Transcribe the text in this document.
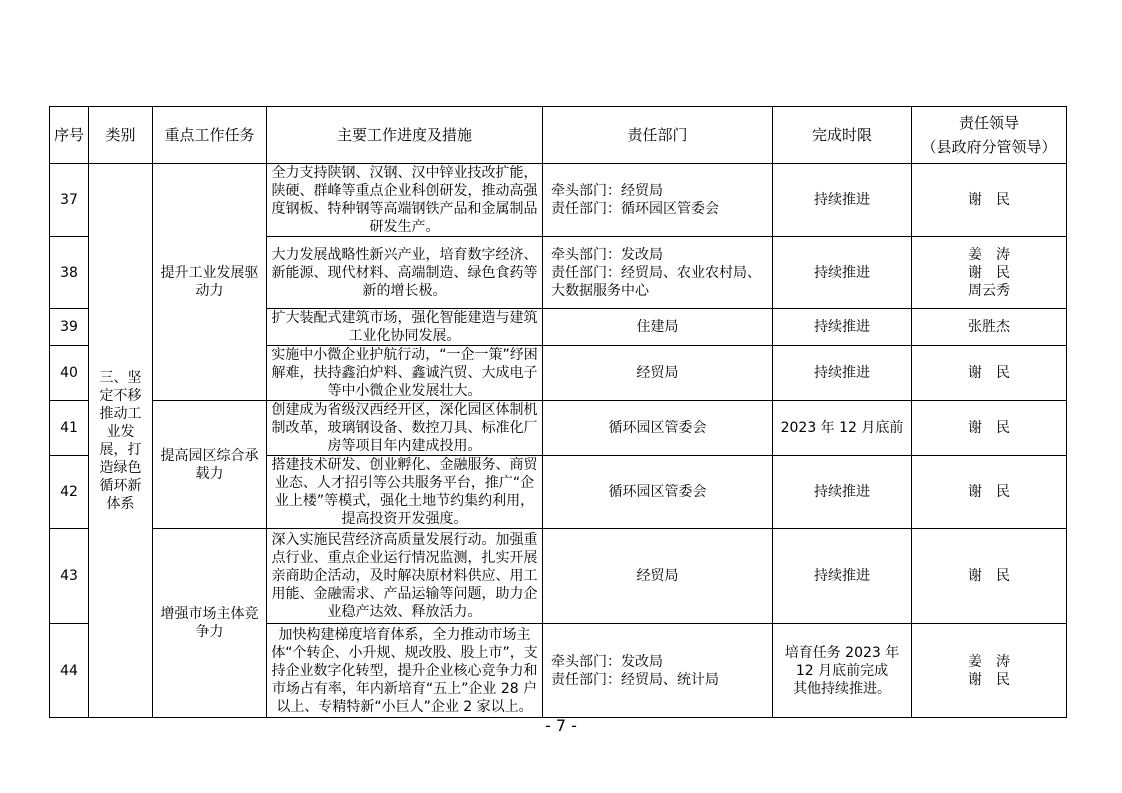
序号	类别	重点工作任务	主要工作进度及措施	责任部门	完成时限	责任领导
（县政府分管领导）

37	三、坚定不移推动工业发展，打造绿色循环新体系	提升工业发展驱动力	全力支持陕钢、汉钢、汉中锌业技改扩能，陕硬、群峰等重点企业科创研发，推动高强度钢板、特种钢等高端钢铁产品和金属制品研发生产。	牵头部门：经贸局
责任部门：循环园区管委会	持续推进	谢　民

38			大力发展战略性新兴产业，培育数字经济、新能源、现代材料、高端制造、绿色食药等新的增长极。	牵头部门：发改局
责任部门：经贸局、农业农村局、
大数据服务中心	持续推进	姜　涛
谢　民
周云秀

39			扩大装配式建筑市场，强化智能建造与建筑工业化协同发展。	住建局	持续推进	张胜杰

40			实施中小微企业护航行动，“一企一策”纾困解难，扶持鑫泊炉料、鑫诚汽贸、大成电子等中小微企业发展壮大。	经贸局	持续推进	谢　民

41		提高园区综合承载力	创建成为省级汉西经开区，深化园区体制机制改革，玻璃钢设备、数控刀具、标准化厂房等项目年内建成投用。	循环园区管委会	2023 年 12 月底前	谢　民

42			搭建技术研发、创业孵化、金融服务、商贸业态、人才招引等公共服务平台，推广“企业上楼”等模式，强化土地节约集约利用，提高投资开发强度。	循环园区管委会	持续推进	谢　民

43		增强市场主体竞争力	深入实施民营经济高质量发展行动。加强重点行业、重点企业运行情况监测，扎实开展亲商助企活动，及时解决原材料供应、用工用能、金融需求、产品运输等问题，助力企业稳产达效、释放活力。	经贸局	持续推进	谢　民

44			加快构建梯度培育体系，全力推动市场主体“个转企、小升规、规改股、股上市”，支持企业数字化转型，提升企业核心竞争力和市场占有率，年内新培育“五上”企业 28 户以上、专精特新“小巨人”企业 2 家以上。	牵头部门：发改局
责任部门：经贸局、统计局	培育任务 2023 年
12 月底前完成
其他持续推进。	姜　涛
谢　民
- 7 -
